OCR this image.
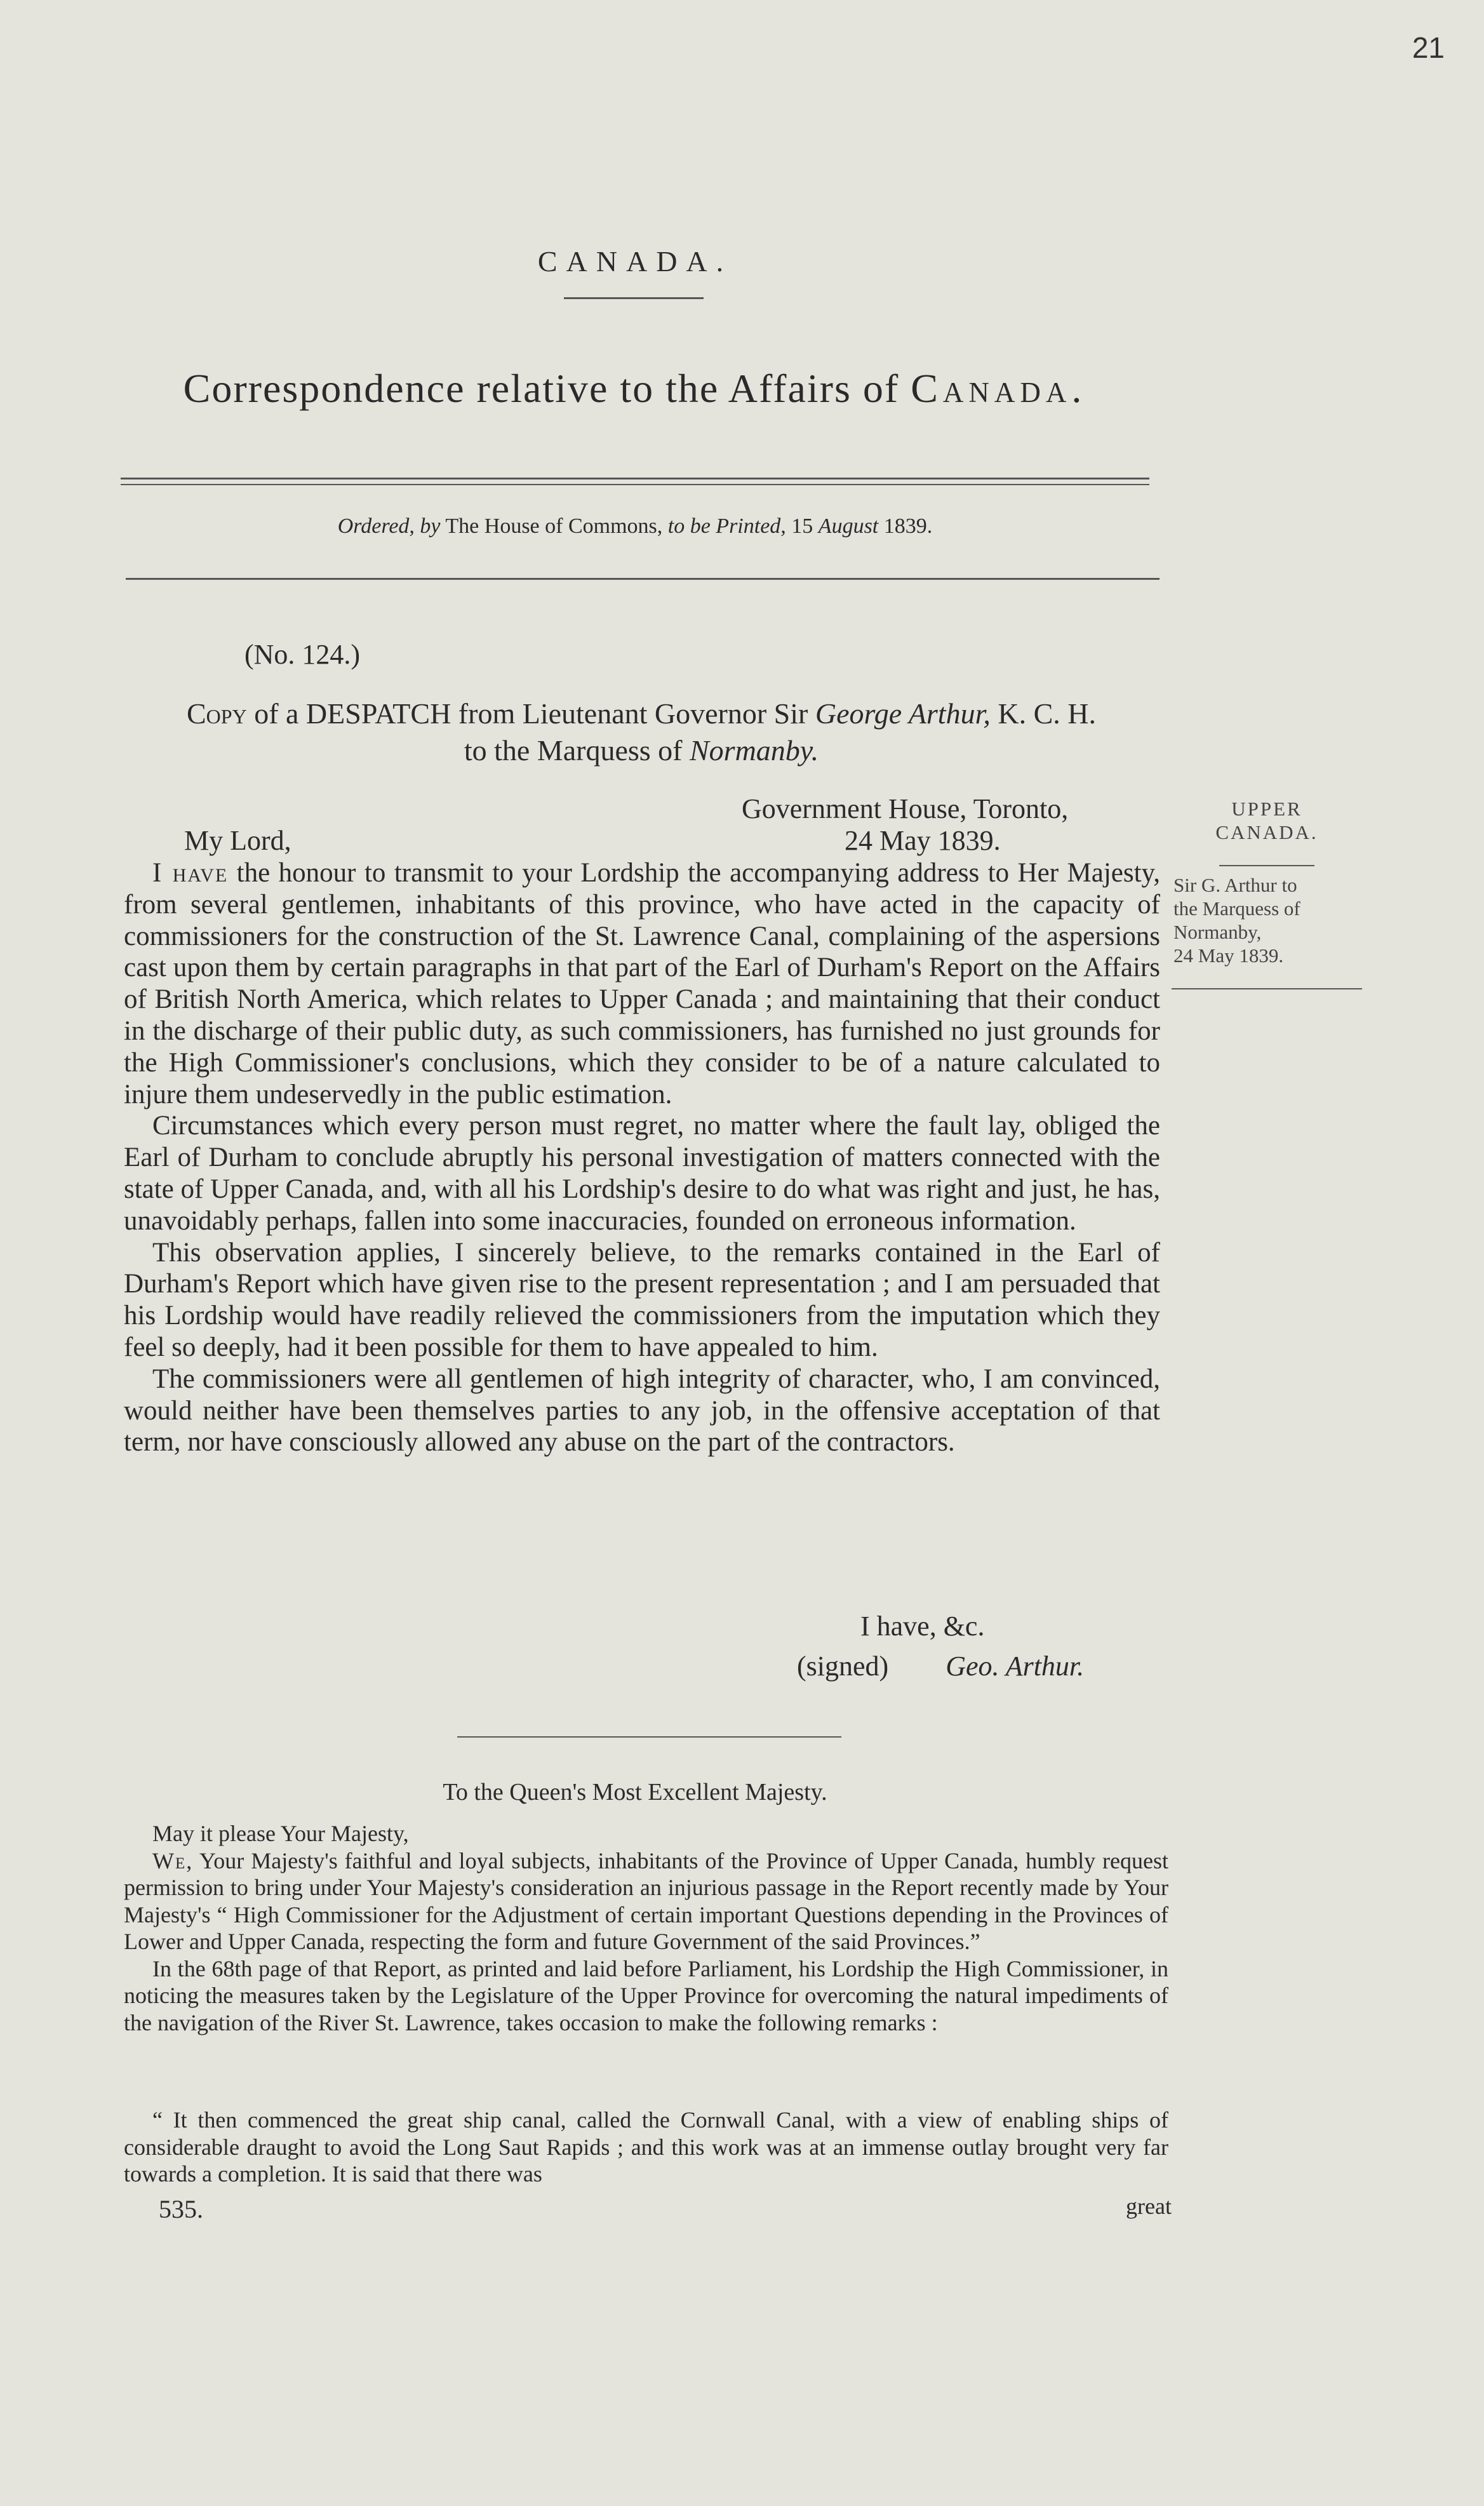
21
CANADA.
Correspondence relative to the Affairs of Canada.
Ordered, by The House of Commons, to be Printed, 15 August 1839.
(No. 124.)
Copy of a DESPATCH from Lieutenant Governor Sir George Arthur, K. C. H.
to the Marquess of Normanby.
Government House, Toronto,
My Lord,	24 May 1839.

I have the honour to transmit to your Lordship the accompanying address to Her Majesty, from several gentlemen, inhabitants of this province, who have acted in the capacity of commissioners for the construction of the St. Lawrence Canal, complaining of the aspersions cast upon them by certain paragraphs in that part of the Earl of Durham's Report on the Affairs of British North America, which relates to Upper Canada ; and maintaining that their conduct in the discharge of their public duty, as such commissioners, has furnished no just grounds for the High Commissioner's conclusions, which they consider to be of a nature calculated to injure them undeservedly in the public estimation.

Circumstances which every person must regret, no matter where the fault lay, obliged the Earl of Durham to conclude abruptly his personal investigation of matters connected with the state of Upper Canada, and, with all his Lordship's desire to do what was right and just, he has, unavoidably perhaps, fallen into some inaccuracies, founded on erroneous information.

This observation applies, I sincerely believe, to the remarks contained in the Earl of Durham's Report which have given rise to the present representation ; and I am persuaded that his Lordship would have readily relieved the commissioners from the imputation which they feel so deeply, had it been possible for them to have appealed to him.

The commissioners were all gentlemen of high integrity of character, who, I am convinced, would neither have been themselves parties to any job, in the offensive acceptation of that term, nor have consciously allowed any abuse on the part of the contractors.

I have, &c.
(signed) Geo. Arthur.
UPPER
CANADA.
Sir G. Arthur to
the Marquess of
Normanby,
24 May 1839.
To the Queen's Most Excellent Majesty.

May it please Your Majesty,

We, Your Majesty's faithful and loyal subjects, inhabitants of the Province of Upper Canada, humbly request permission to bring under Your Majesty's consideration an injurious passage in the Report recently made by Your Majesty's “ High Commissioner for the Adjustment of certain important Questions depending in the Provinces of Lower and Upper Canada, respecting the form and future Government of the said Provinces.”

In the 68th page of that Report, as printed and laid before Parliament, his Lordship the High Commissioner, in noticing the measures taken by the Legislature of the Upper Province for overcoming the natural impediments of the navigation of the River St. Lawrence, takes occasion to make the following remarks :

“ It then commenced the great ship canal, called the Cornwall Canal, with a view of enabling ships of considerable draught to avoid the Long Saut Rapids ; and this work was at an immense outlay brought very far towards a completion. It is said that there was

535.	great
